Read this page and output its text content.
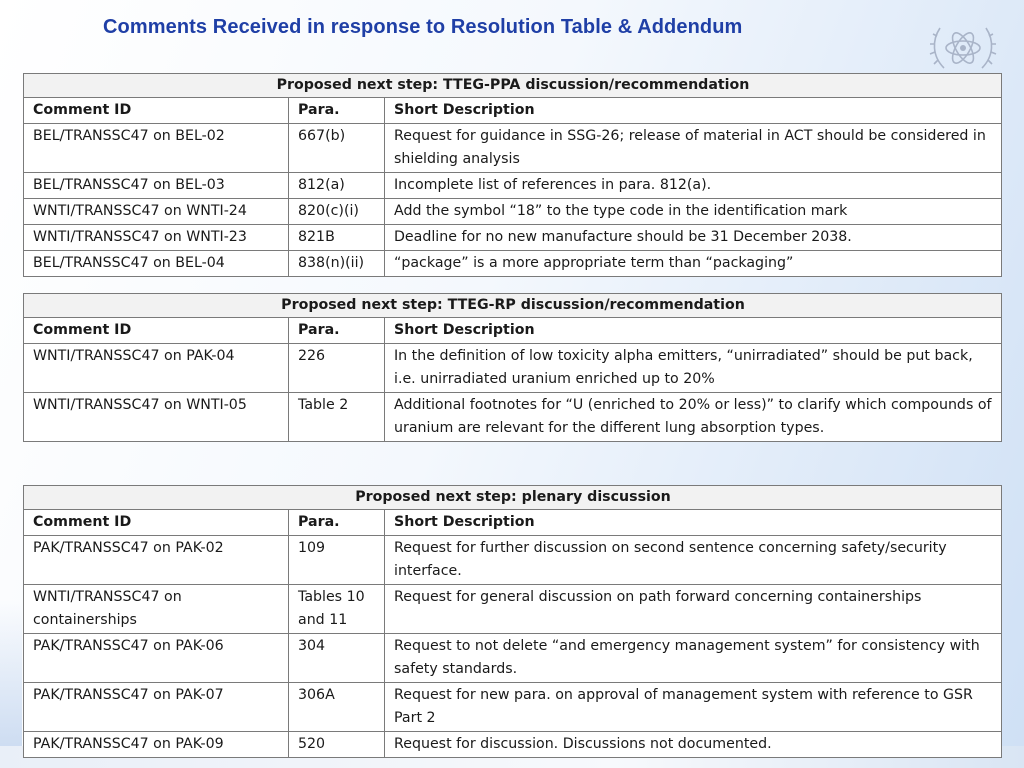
Comments Received in response to Resolution Table & Addendum
Proposed next step: TTEG-PPA discussion/recommendation		
Comment ID	Para.	Short Description
BEL/TRANSSC47 on BEL-02	667(b)	Request for guidance in SSG-26; release of material in ACT should be considered in shielding analysis
BEL/TRANSSC47 on BEL-03	812(a)	Incomplete list of references in para. 812(a).
WNTI/TRANSSC47 on WNTI-24	820(c)(i)	Add the symbol “18” to the type code in the identification mark
WNTI/TRANSSC47 on WNTI-23	821B	Deadline for no new manufacture should be 31 December 2038.
BEL/TRANSSC47 on BEL-04	838(n)(ii)	“package” is a more appropriate term than “packaging”
Proposed next step: TTEG-RP discussion/recommendation		
Comment ID	Para.	Short Description
WNTI/TRANSSC47 on PAK-04	226	In the definition of low toxicity alpha emitters, “unirradiated” should be put back, i.e. unirradiated uranium enriched up to 20%
WNTI/TRANSSC47 on WNTI-05	Table 2	Additional footnotes for “U (enriched to 20% or less)” to clarify which compounds of uranium are relevant for the different lung absorption types.
Proposed next step: plenary discussion		
Comment ID	Para.	Short Description
PAK/TRANSSC47 on PAK-02	109	Request for further discussion on second sentence concerning safety/security interface.
WNTI/TRANSSC47 on containerships	Tables 10 and 11	Request for general discussion on path forward concerning containerships
PAK/TRANSSC47 on PAK-06	304	Request to not delete “and emergency management system” for consistency with safety standards.
PAK/TRANSSC47 on PAK-07	306A	Request for new para. on approval of management system with reference to GSR Part 2
PAK/TRANSSC47 on PAK-09	520	Request for discussion. Discussions not documented.
